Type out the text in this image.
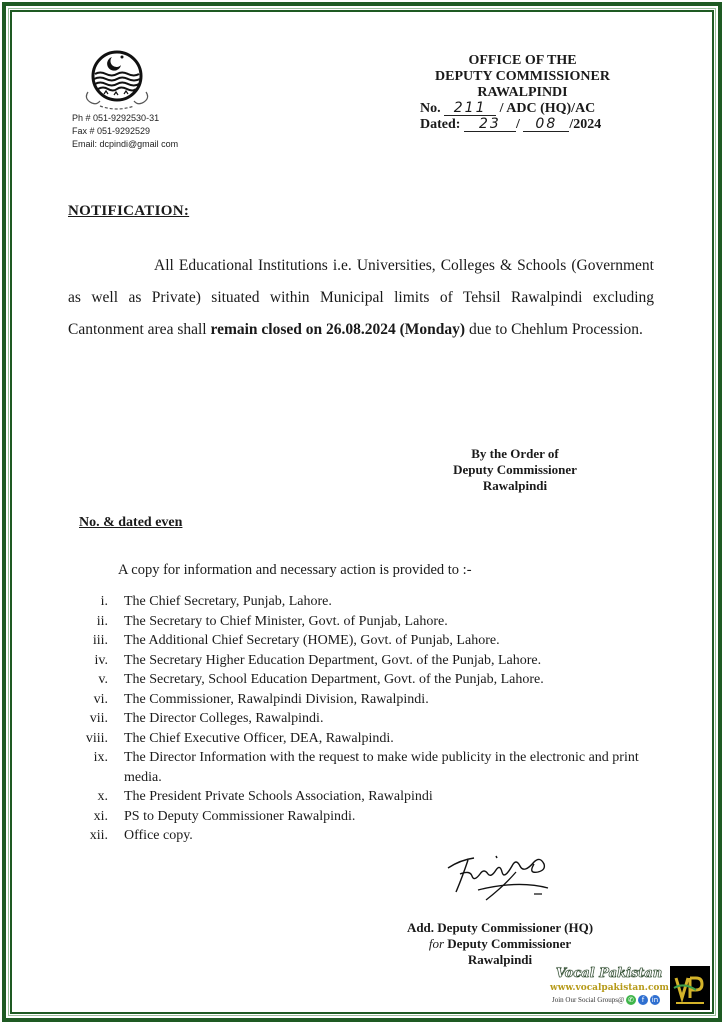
Ph # 051-9292530-31
Fax # 051-9292529
Email: dcpindi@gmail com
OFFICE OF THE
DEPUTY COMMISSIONER
RAWALPINDI
No. 211 / ADC (HQ)/AC
Dated: 23 / 08 /2024
NOTIFICATION:
All Educational Institutions i.e. Universities, Colleges & Schools (Government as well as Private) situated within Municipal limits of Tehsil Rawalpindi excluding Cantonment area shall remain closed on 26.08.2024 (Monday) due to Chehlum Procession.
By the Order of
Deputy Commissioner
Rawalpindi
No. & dated even
A copy for information and necessary action is provided to :-
i.	The Chief Secretary, Punjab, Lahore.
ii.	The Secretary to Chief Minister, Govt. of Punjab, Lahore.
iii.	The Additional Chief Secretary (HOME), Govt. of Punjab, Lahore.
iv.	The Secretary Higher Education Department, Govt. of the Punjab, Lahore.
v.	The Secretary, School Education Department, Govt. of the Punjab, Lahore.
vi.	The Commissioner, Rawalpindi Division, Rawalpindi.
vii.	The Director Colleges, Rawalpindi.
viii.	The Chief Executive Officer, DEA, Rawalpindi.
ix.	The Director Information with the request to make wide publicity in the electronic and print media.
x.	The President Private Schools Association, Rawalpindi
xi.	PS to Deputy Commissioner Rawalpindi.
xii.	Office copy.
Add. Deputy Commissioner (HQ)
for Deputy Commissioner
Rawalpindi
Vocal Pakistan
www.vocalpakistan.com
Join Our Social Groups@ ✆	f	in
